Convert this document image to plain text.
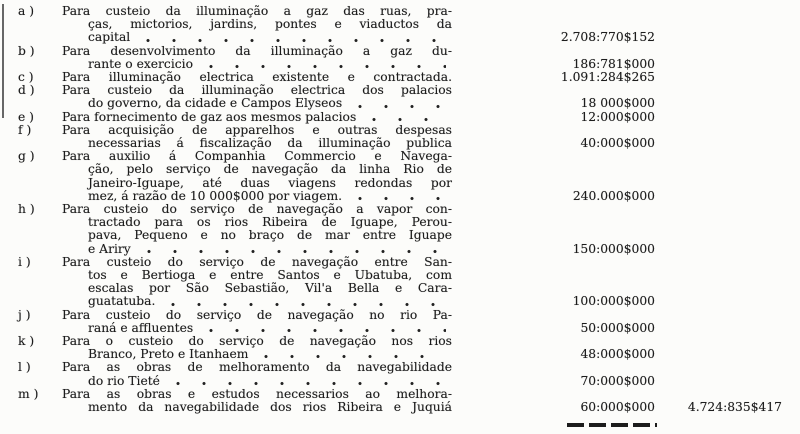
a )	Para custeio da illuminação a gaz das ruas, pra-
ças, mictorios, jardins, pontes e viaductos da
capital	2.708:770$152	
b )	Para desenvolvimento da illuminação a gaz du-
rante o exercicio	186:781$000	
c )	Para illuminação electrica existente e contractada.	1.091:284$265	
d )	Para custeio da illuminação electrica dos palacios
do governo, da cidade e Campos Elyseos	18 000$000	
e )	Para fornecimento de gaz aos mesmos palacios	12:000$000	
f )	Para acquisição de apparelhos e outras despesas
necessarias á fiscalização da illuminação publica	40:000$000	
g )	Para auxilio á Companhia Commercio e Navega-
ção, pelo serviço de navegação da linha Rio de
Janeiro-Iguape, até duas viagens redondas por
mez, á razão de 10 000$000 por viagem.	240.000$000	
h )	Para custeio do serviço de navegação a vapor con-
tractado para os rios Ribeira de Iguape, Perou-
pava, Pequeno e no braço de mar entre Iguape
e Ariry	150:000$000	
i )	Para custeio do serviço de navegação entre San-
tos e Bertioga e entre Santos e Ubatuba, com
escalas por São Sebastião, Vil'a Bella e Cara-
guatatuba.	100:000$000	
j )	Para custeio do serviço de navegação no rio Pa-
raná e affluentes	50:000$000	
k )	Para o custeio do serviço de navegação nos rios
Branco, Preto e Itanhaem	48:000$000	
l )	Para as obras de melhoramento da navegabilidade
do rio Tieté	70:000$000	
m )	Para as obras e estudos necessarios ao melhora-
mento da navegabilidade dos rios Ribeira e Juquiá	60:000$000	4.724:835$417
